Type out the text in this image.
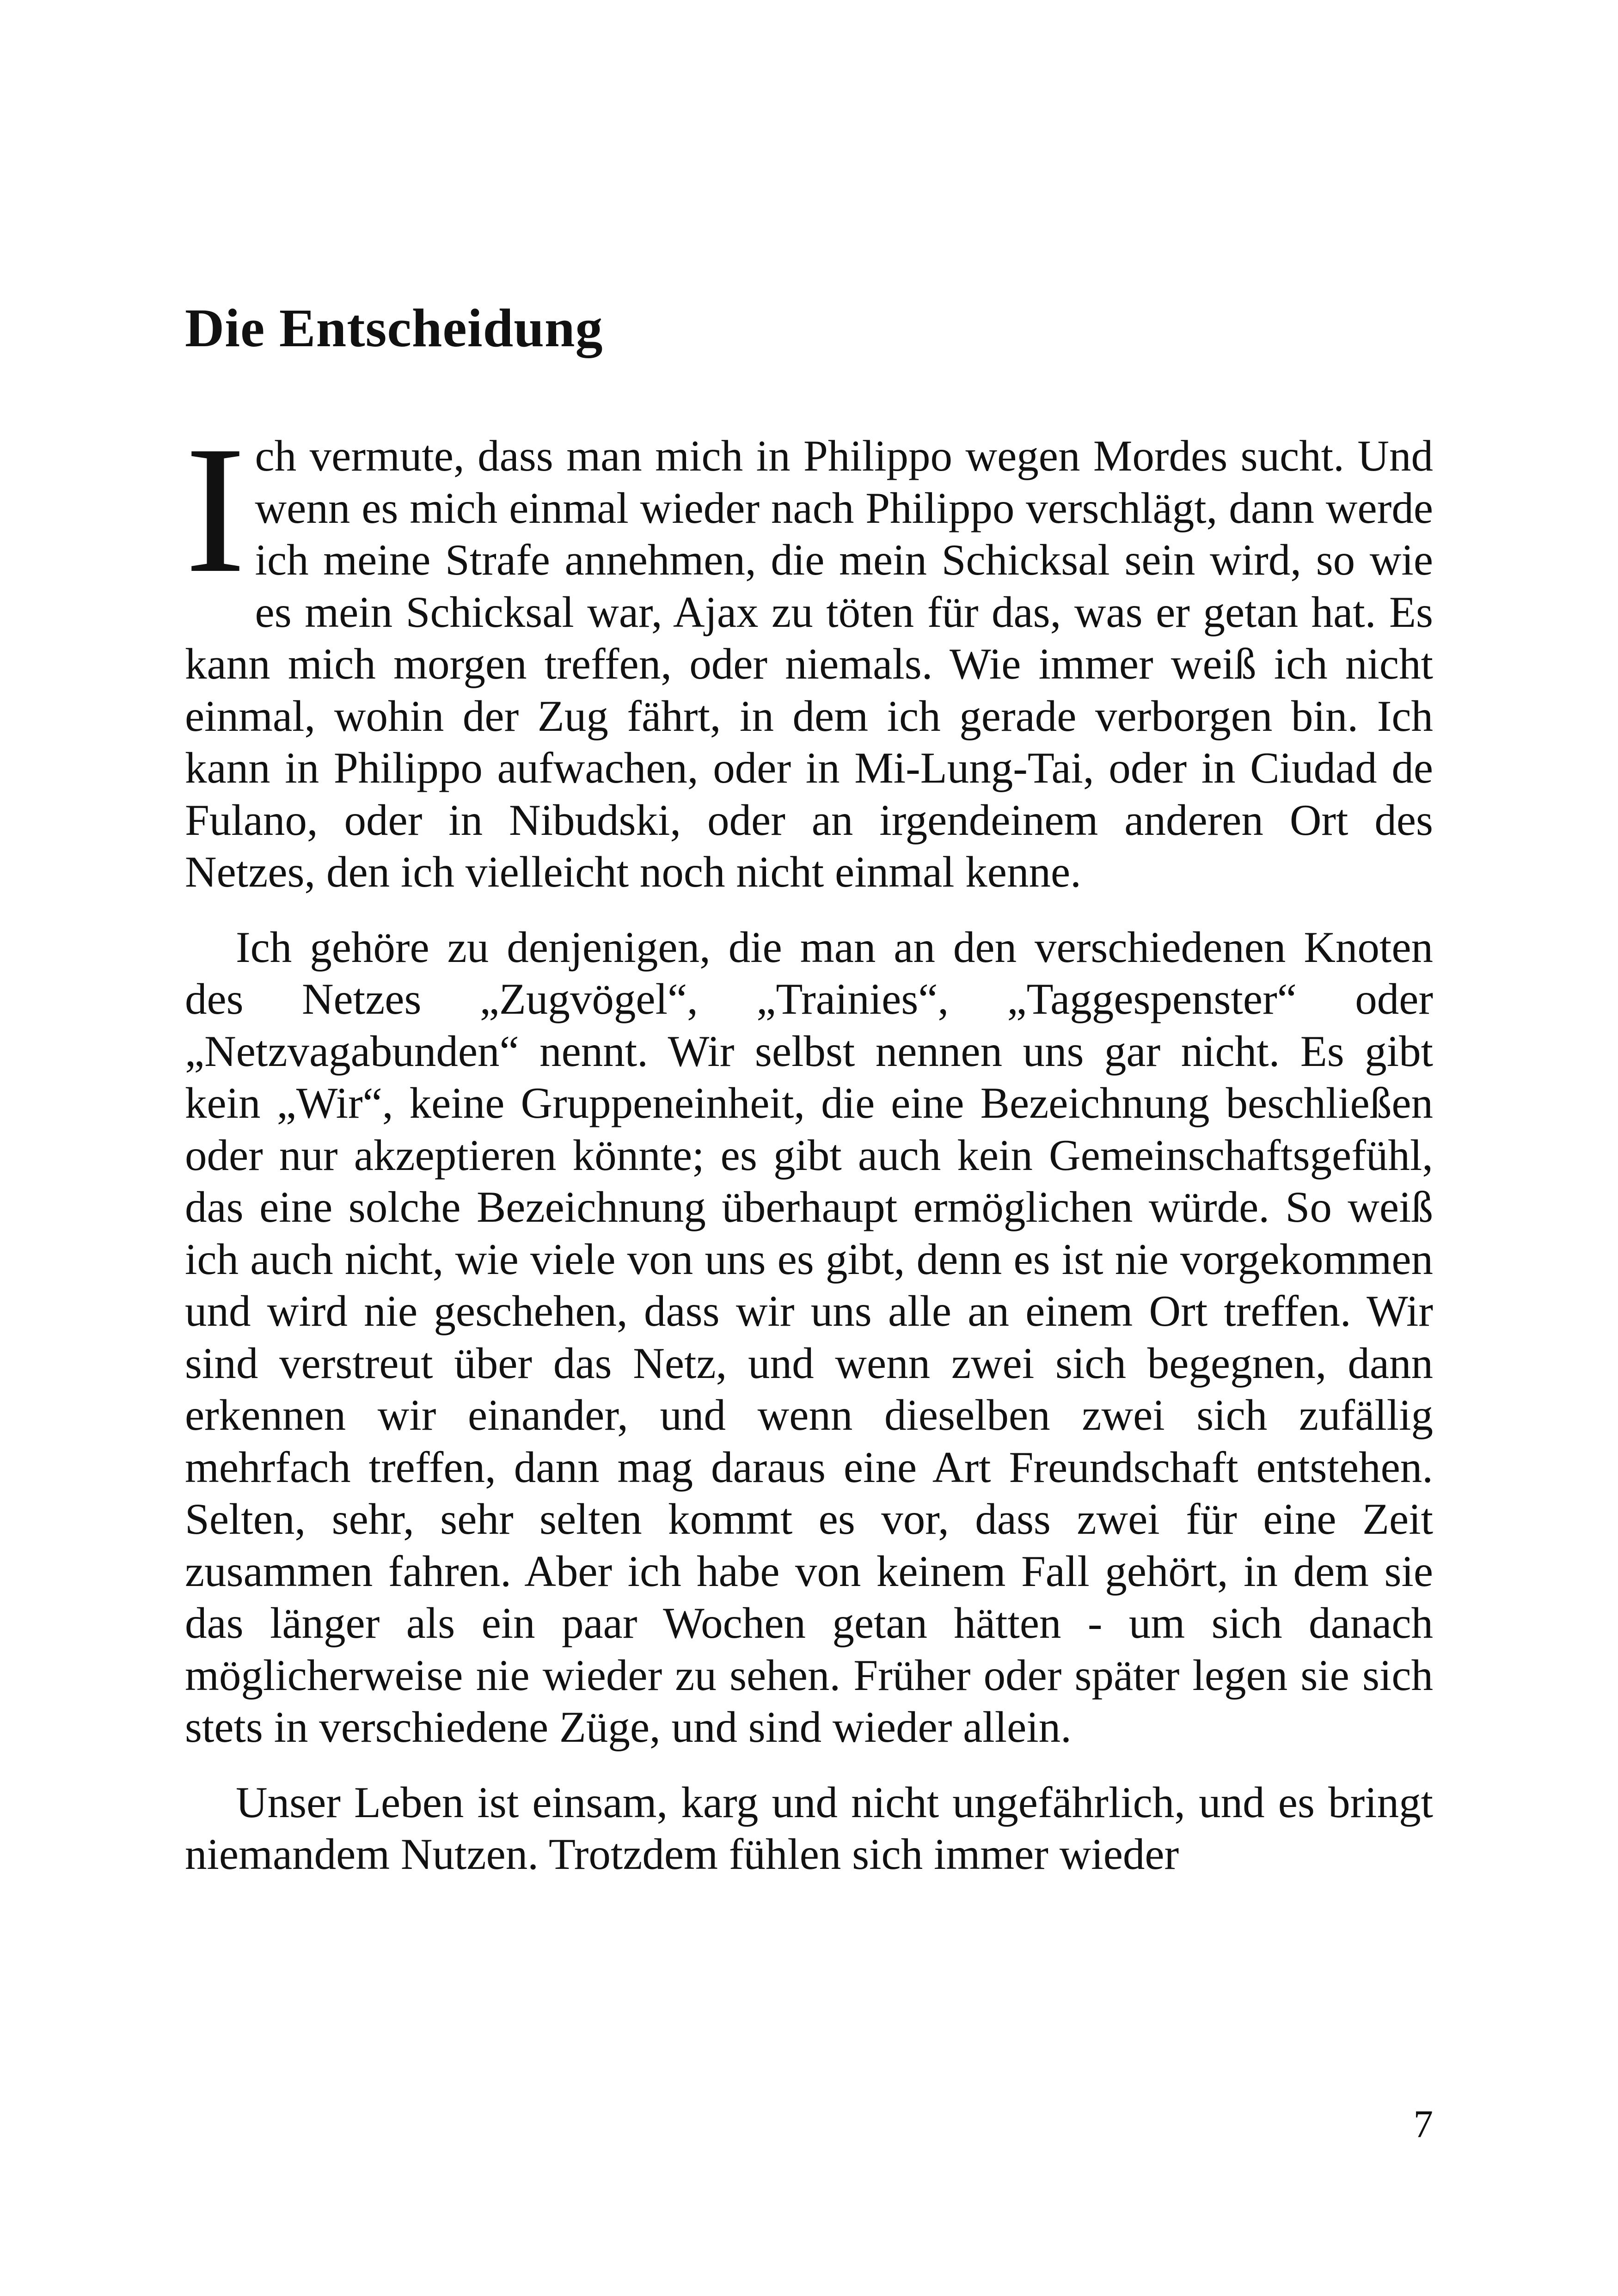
Die Entscheidung

Ich vermute, dass man mich in Philippo wegen Mordes sucht. Und wenn es mich einmal wieder nach Philippo verschlägt, dann werde ich meine Strafe annehmen, die mein Schicksal sein wird, so wie es mein Schicksal war, Ajax zu töten für das, was er getan hat. Es kann mich morgen treffen, oder niemals. Wie immer weiß ich nicht einmal, wohin der Zug fährt, in dem ich gerade verborgen bin. Ich kann in Philippo aufwachen, oder in Mi-Lung-Tai, oder in Ciudad de Fulano, oder in Nibudski, oder an irgendeinem anderen Ort des Netzes, den ich vielleicht noch nicht einmal kenne.

Ich gehöre zu denjenigen, die man an den verschiedenen Knoten des Netzes „Zugvögel“, „Trainies“, „Taggespenster“ oder „Netzvagabunden“ nennt. Wir selbst nennen uns gar nicht. Es gibt kein „Wir“, keine Gruppeneinheit, die eine Bezeichnung beschließen oder nur akzeptieren könnte; es gibt auch kein Gemeinschaftsgefühl, das eine solche Bezeichnung überhaupt ermöglichen würde. So weiß ich auch nicht, wie viele von uns es gibt, denn es ist nie vorgekommen und wird nie geschehen, dass wir uns alle an einem Ort treffen. Wir sind verstreut über das Netz, und wenn zwei sich begegnen, dann erkennen wir einander, und wenn dieselben zwei sich zufällig mehrfach treffen, dann mag daraus eine Art Freundschaft entstehen. Selten, sehr, sehr selten kommt es vor, dass zwei für eine Zeit zusammen fahren. Aber ich habe von keinem Fall gehört, in dem sie das länger als ein paar Wochen getan hätten - um sich danach möglicherweise nie wieder zu sehen. Früher oder später legen sie sich stets in verschiedene Züge, und sind wieder allein.

Unser Leben ist einsam, karg und nicht ungefährlich, und es bringt niemandem Nutzen. Trotzdem fühlen sich immer wieder

7
